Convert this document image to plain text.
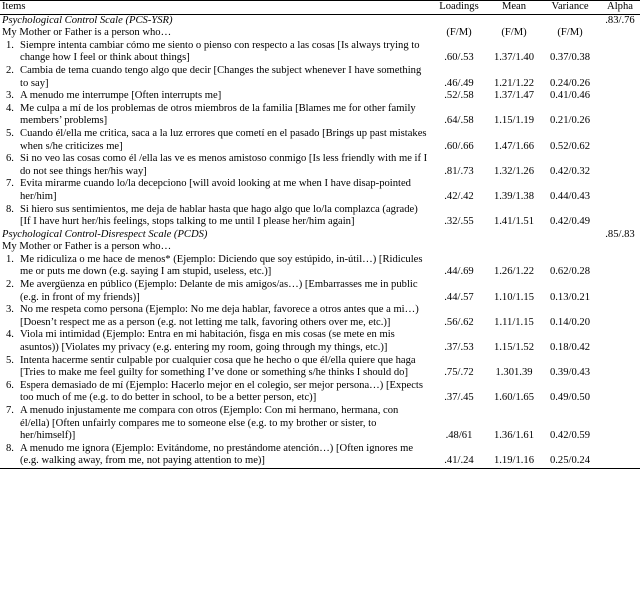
Items	Loadings	Mean	Variance	Alpha
Psychological Control Scale (PCS-YSR)				.83/.76
My Mother or Father is a person who…	(F/M)	(F/M)	(F/M)	

1. Siempre intenta cambiar cómo me siento o pienso con respecto a las cosas [Is always trying to change how I feel or think about things]	.60/.53	1.37/1.40	0.37/0.38	

2. Cambia de tema cuando tengo algo que decir [Changes the subject whenever I have something to say]	.46/.49	1.21/1.22	0.24/0.26	

3. A menudo me interrumpe [Often interrupts me]	.52/.58	1.37/1.47	0.41/0.46	

4. Me culpa a mí de los problemas de otros miembros de la familia [Blames me for other family members’ problems]	.64/.58	1.15/1.19	0.21/0.26	

5. Cuando él/ella me critica, saca a la luz errores que cometí en el pasado [Brings up past mistakes when s/he criticizes me]	.60/.66	1.47/1.66	0.52/0.62	

6. Si no veo las cosas como él /ella las ve es menos amistoso conmigo [Is less friendly with me if I do not see things her/his way]	.81/.73	1.32/1.26	0.42/0.32	

7. Evita mirarme cuando lo/la decepciono [will avoid looking at me when I have disap-pointed her/him]	.42/.42	1.39/1.38	0.44/0.43	

8. Si hiero sus sentimientos, me deja de hablar hasta que hago algo que lo/la complazca (agrade)[If I have hurt her/his feelings, stops talking to me until I please her/him again]	.32/.55	1.41/1.51	0.42/0.49	
Psychological Control-Disrespect Scale (PCDS)				.85/.83
My Mother or Father is a person who…				

1. Me ridiculiza o me hace de menos* (Ejemplo: Diciendo que soy estúpido, in-útil…) [Ridicules me or puts me down (e.g. saying I am stupid, useless, etc.)]	.44/.69	1.26/1.22	0.62/0.28	

2. Me avergüenza en público (Ejemplo: Delante de mis amigos/as…) [Embarrasses me in public (e.g. in front of my friends)]	.44/.57	1.10/1.15	0.13/0.21	

3. No me respeta como persona (Ejemplo: No me deja hablar, favorece a otros antes que a mi…) [Doesn’t respect me as a person (e.g. not letting me talk, favoring others over me, etc.)]	.56/.62	1.11/1.15	0.14/0.20	

4. Viola mi intimidad (Ejemplo: Entra en mi habitación, fisga en mis cosas (se mete en mis asuntos)) [Violates my privacy (e.g. entering my room, going through my things, etc.)]	.37/.53	1.15/1.52	0.18/0.42	

5. Intenta hacerme sentir culpable por cualquier cosa que he hecho o que él/ella quiere que haga [Tries to make me feel guilty for something I’ve done or something s/he thinks I should do]	.75/.72	1.301.39	0.39/0.43	

6. Espera demasiado de mí (Ejemplo: Hacerlo mejor en el colegio, ser mejor persona…) [Expects too much of me (e.g. to do better in school, to be a better person, etc)]	.37/.45	1.60/1.65	0.49/0.50	

7. A menudo injustamente me compara con otros (Ejemplo: Con mi hermano, hermana, con él/ella) [Often unfairly compares me to someone else (e.g. to my brother or sister, to her/himself)]	.48/61	1.36/1.61	0.42/0.59	

8. A menudo me ignora (Ejemplo: Evitándome, no prestándome atención…) [Often ignores me (e.g. walking away, from me, not paying attention to me)]	.41/.24	1.19/1.16	0.25/0.24	
